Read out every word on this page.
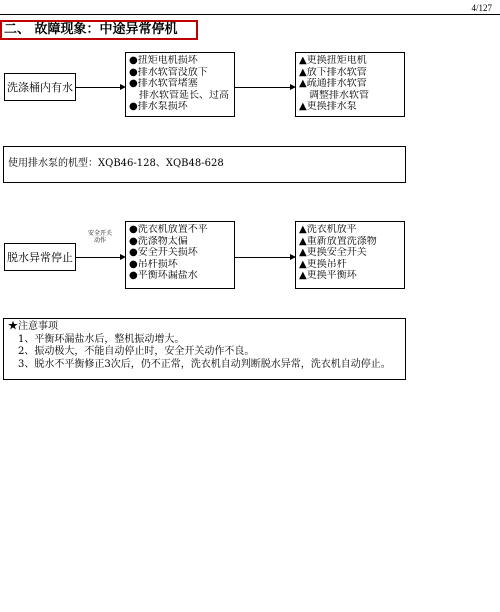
4/127
二、 故障现象：中途异常停机
洗涤桶内有水
●扭矩电机损坏
●排水软管没放下
●排水软管堵塞
　排水软管延长、过高
●排水泵损坏
▲更换扭矩电机
▲放下排水软管
▲疏通排水软管
　调整排水软管
▲更换排水泵
使用排水泵的机型：XQB46-128、XQB48-628
脱水异常停止
安全开关
动作
●洗衣机放置不平
●洗涤物太偏
●安全开关损坏
●吊杆损坏
●平衡环漏盐水
▲洗衣机放平
▲重新放置洗涤物
▲更换安全开关
▲更换吊杆
▲更换平衡环
★注意事项
1、平衡环漏盐水后，整机振动增大。
2、振动极大，不能自动停止时，安全开关动作不良。
3、脱水不平衡修正3次后，仍不正常，洗衣机自动判断脱水异常，洗衣机自动停止。
